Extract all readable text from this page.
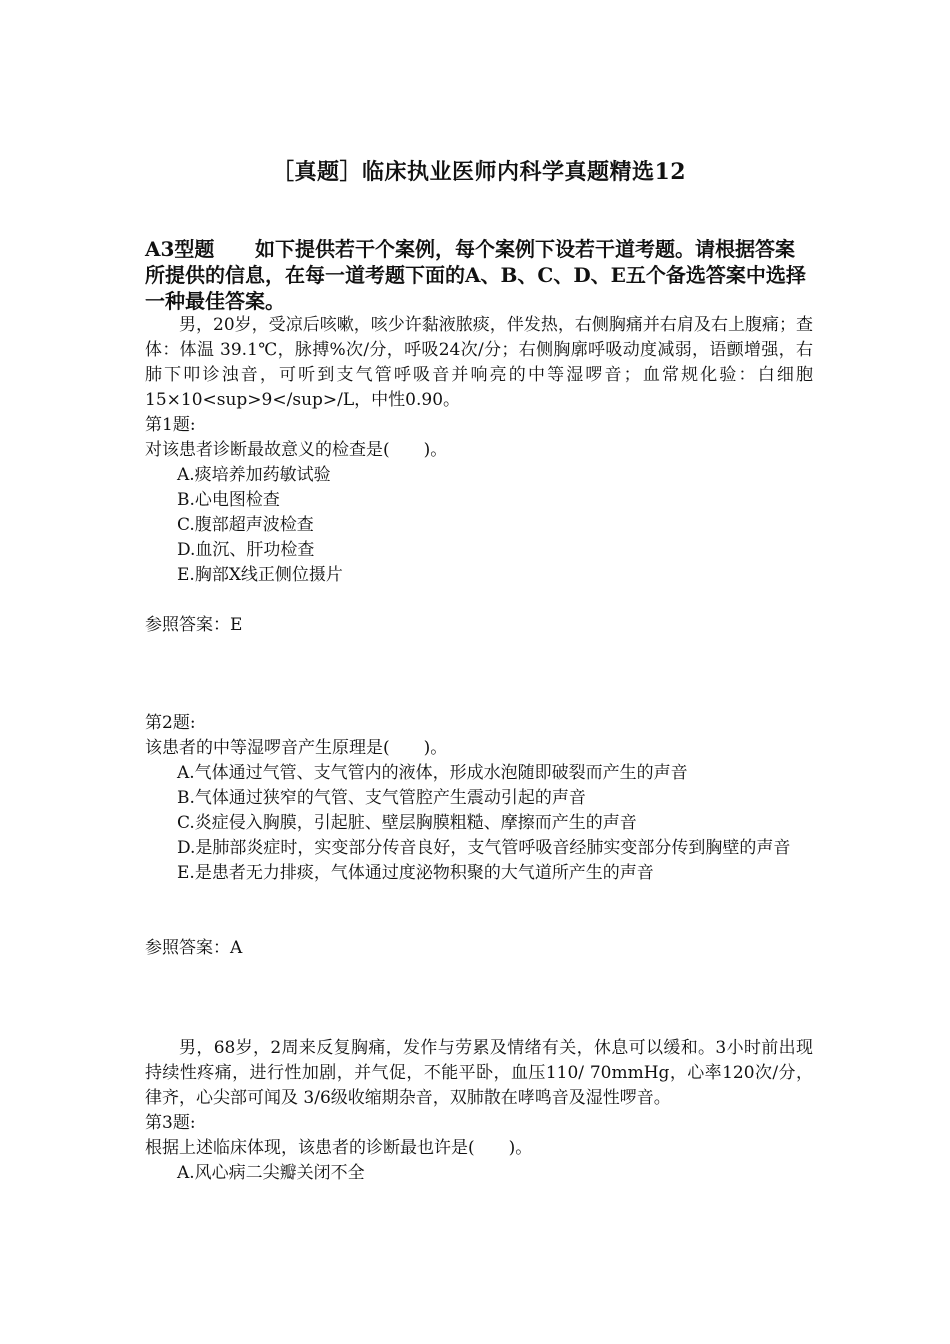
［真题］临床执业医师内科学真题精选12
A3型题 如下提供若干个案例，每个案例下设若干道考题。请根据答案所提供的信息，在每一道考题下面的A、B、C、D、E五个备选答案中选择一种最佳答案。

男，20岁，受凉后咳嗽，咳少许黏液脓痰，伴发热，右侧胸痛并右肩及右上腹痛；查体：体温 39.1℃，脉搏%次/分，呼吸24次/分；右侧胸廓呼吸动度减弱，语颤增强，右肺下叩诊浊音，可听到支气管呼吸音并响亮的中等湿啰音；血常规化验：白细胞15×10<sup>9</sup>/L，中性0.90。

第1题:

对该患者诊断最故意义的检查是(　　)。

A.痰培养加药敏试验

B.心电图检查

C.腹部超声波检查

D.血沉、肝功检查

E.胸部X线正侧位摄片

参照答案：E

第2题:

该患者的中等湿啰音产生原理是(　　)。

A.气体通过气管、支气管内的液体，形成水泡随即破裂而产生的声音

B.气体通过狭窄的气管、支气管腔产生震动引起的声音

C.炎症侵入胸膜，引起脏、壁层胸膜粗糙、摩擦而产生的声音

D.是肺部炎症时，实变部分传音良好，支气管呼吸音经肺实变部分传到胸壁的声音

E.是患者无力排痰，气体通过度泌物积聚的大气道所产生的声音

参照答案：A

男，68岁，2周来反复胸痛，发作与劳累及情绪有关，休息可以缓和。3小时前出现持续性疼痛，进行性加剧，并气促，不能平卧，血压110/ 70mmHg，心率120次/分，律齐，心尖部可闻及 3/6级收缩期杂音，双肺散在哮鸣音及湿性啰音。

第3题:

根据上述临床体现，该患者的诊断最也许是(　　)。

A.风心病二尖瓣关闭不全
